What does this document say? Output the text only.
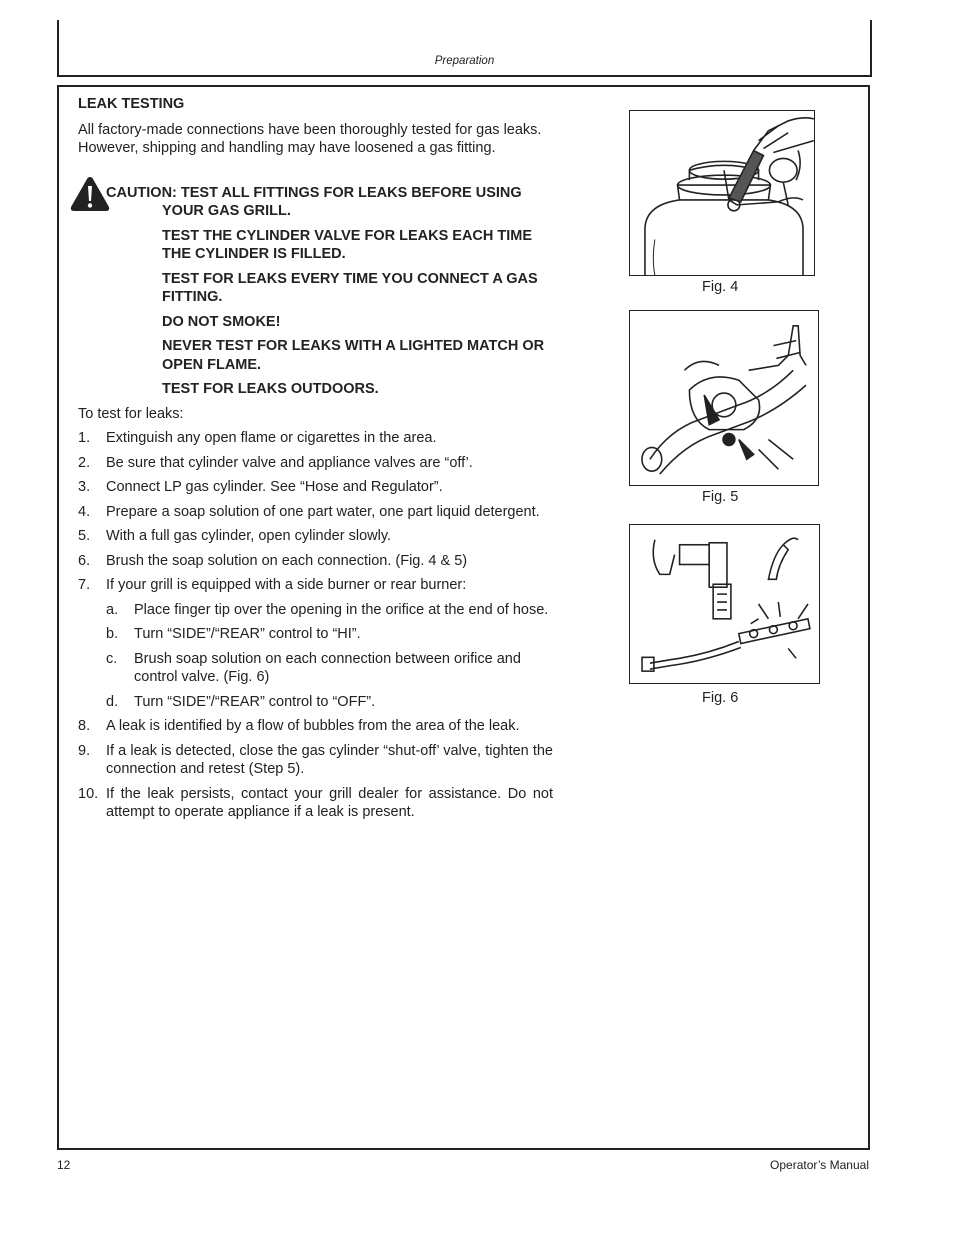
Preparation
LEAK TESTING

All factory-made connections have been thoroughly tested for gas leaks. However, shipping and handling may have loosened a gas fitting.

CAUTION: TEST ALL FITTINGS FOR LEAKS BEFORE USING YOUR GAS GRILL.

TEST THE CYLINDER VALVE FOR LEAKS EACH TIME THE CYLINDER IS FILLED.

TEST FOR LEAKS EVERY TIME YOU CONNECT A GAS FITTING.

DO NOT SMOKE!

NEVER TEST FOR LEAKS WITH A LIGHTED MATCH OR OPEN FLAME.

TEST FOR LEAKS OUTDOORS.

To test for leaks:

1. Extinguish any open flame or cigarettes in the area.
2. Be sure that cylinder valve and appliance valves are “off’.
3. Connect LP gas cylinder. See “Hose and Regulator”.
4. Prepare a soap solution of one part water, one part liquid detergent.
5. With a full gas cylinder, open cylinder slowly.
6. Brush the soap solution on each connection. (Fig. 4 & 5)
7. If your grill is equipped with a side burner or rear burner:
a. Place finger tip over the opening in the orifice at the end of hose.
b. Turn “SIDE”/“REAR” control to “HI”.
c. Brush soap solution on each connection between orifice and control valve. (Fig. 6)
d. Turn “SIDE”/“REAR” control to “OFF”.
8. A leak is identified by a flow of bubbles from the area of the leak.
9. If a leak is detected, close the gas cylinder “shut-off’ valve, tighten the connection and retest (Step 5).
10. If the leak persists, contact your grill dealer for assistance. Do not attempt to operate appliance if a leak is present.
Fig. 4
Fig. 5
Fig. 6
12	Operator’s Manual
